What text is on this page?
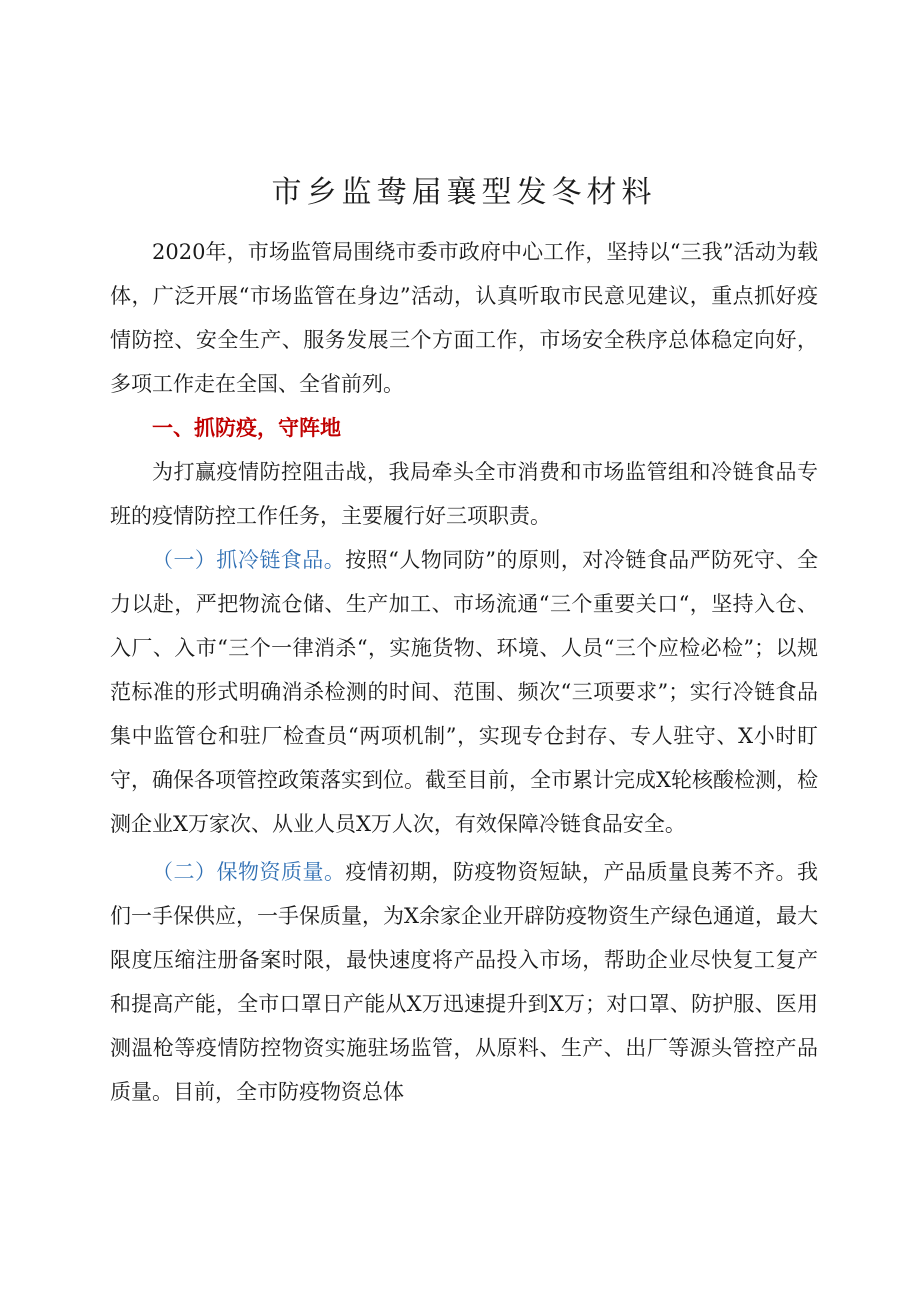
市乡监鸯届襄型发冬材料

2020年，市场监管局围绕市委市政府中心工作，坚持以“三我”活动为载体，广泛开展“市场监管在身边”活动，认真听取市民意见建议，重点抓好疫情防控、安全生产、服务发展三个方面工作，市场安全秩序总体稳定向好，多项工作走在全国、全省前列。

一、抓防疫，守阵地

为打赢疫情防控阻击战，我局牵头全市消费和市场监管组和冷链食品专班的疫情防控工作任务，主要履行好三项职责。

（一）抓冷链食品。按照“人物同防”的原则，对冷链食品严防死守、全力以赴，严把物流仓储、生产加工、市场流通“三个重要关口“，坚持入仓、入厂、入市“三个一律消杀“，实施货物、环境、人员“三个应检必检”；以规范标准的形式明确消杀检测的时间、范围、频次“三项要求”；实行冷链食品集中监管仓和驻厂检查员“两项机制”，实现专仓封存、专人驻守、X小时盯守，确保各项管控政策落实到位。截至目前，全市累计完成X轮核酸检测，检测企业X万家次、从业人员X万人次，有效保障冷链食品安全。

（二）保物资质量。疫情初期，防疫物资短缺，产品质量良莠不齐。我们一手保供应，一手保质量，为X余家企业开辟防疫物资生产绿色通道，最大限度压缩注册备案时限，最快速度将产品投入市场，帮助企业尽快复工复产和提高产能，全市口罩日产能从X万迅速提升到X万；对口罩、防护服、医用测温枪等疫情防控物资实施驻场监管，从原料、生产、出厂等源头管控产品质量。目前，全市防疫物资总体
